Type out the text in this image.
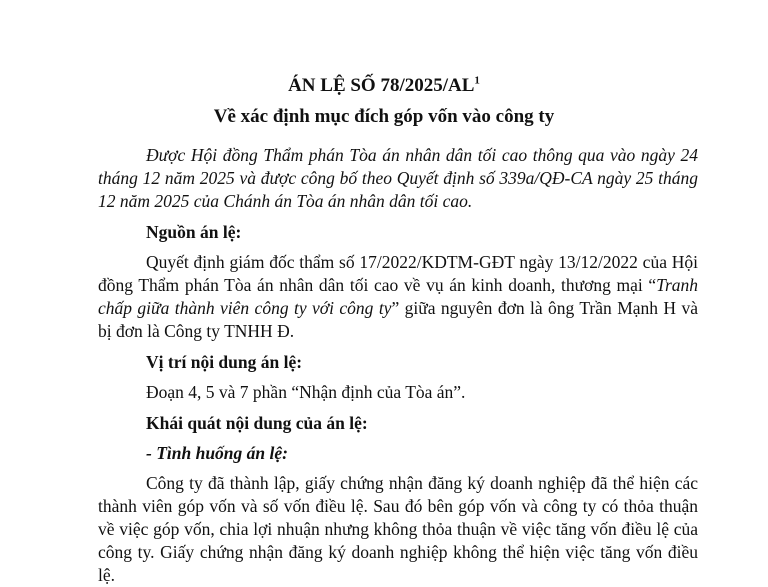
ÁN LỆ SỐ $78/2025/AL^1$
Về xác định mục đích góp vốn vào công ty

Được Hội đồng Thẩm phán Tòa án nhân dân tối cao thông qua vào ngày 24 tháng 12 năm 2025 và được công bố theo Quyết định số 339a/QĐ-CA ngày 25 tháng 12 năm 2025 của Chánh án Tòa án nhân dân tối cao.

Nguồn án lệ:

Quyết định giám đốc thẩm số 17/2022/KDTM-GĐT ngày 13/12/2022 của Hội đồng Thẩm phán Tòa án nhân dân tối cao về vụ án kinh doanh, thương mại “Tranh chấp giữa thành viên công ty với công ty” giữa nguyên đơn là ông Trần Mạnh H và bị đơn là Công ty TNHH Đ.

Vị trí nội dung án lệ:

Đoạn 4, 5 và 7 phần “Nhận định của Tòa án”.

Khái quát nội dung của án lệ:

- Tình huống án lệ:

Công ty đã thành lập, giấy chứng nhận đăng ký doanh nghiệp đã thể hiện các thành viên góp vốn và số vốn điều lệ. Sau đó bên góp vốn và công ty có thỏa thuận về việc góp vốn, chia lợi nhuận nhưng không thỏa thuận về việc tăng vốn điều lệ của công ty. Giấy chứng nhận đăng ký doanh nghiệp không thể hiện việc tăng vốn điều lệ.
